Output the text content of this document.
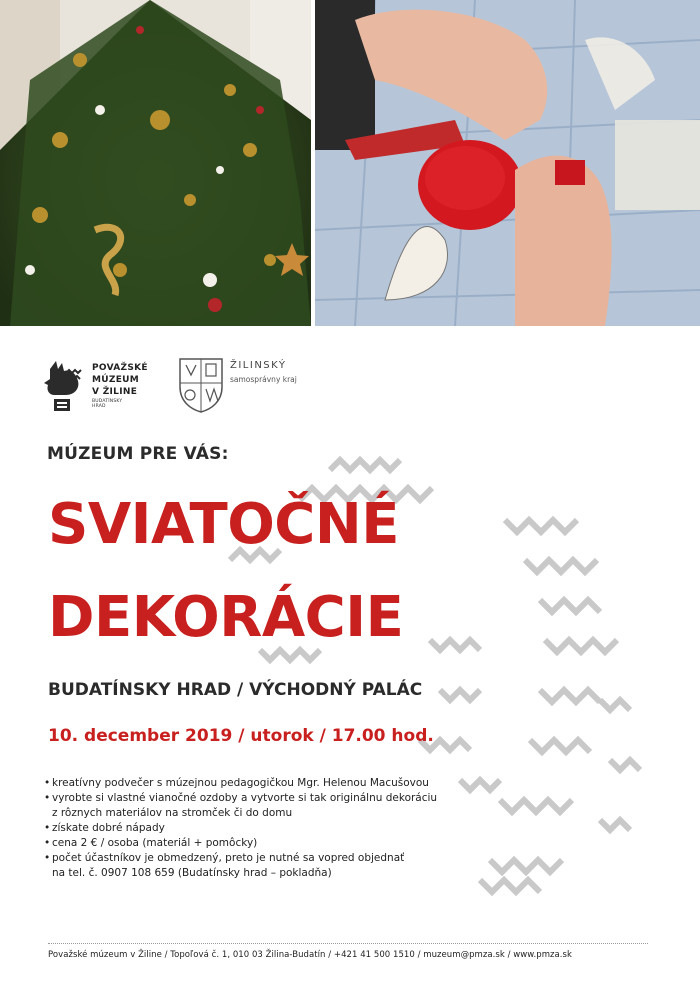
POVAŽSKÉ
MÚZEUM
V ŽILINE
BUDATÍNSKY
HRAD
ŽILINSKÝ
samosprávny kraj
MÚZEUM PRE VÁS:
SVIATOČNÉ
DEKORÁCIE
BUDATÍNSKY HRAD / VÝCHODNÝ PALÁC
10. december 2019 / utorok / 17.00 hod.
• kreatívny podvečer s múzejnou pedagogičkou Mgr. Helenou Macušovou
• vyrobte si vlastné vianočné ozdoby a vytvorte si tak originálnu dekoráciu
z rôznych materiálov na stromček či do domu
• získate dobré nápady
• cena 2 € / osoba (materiál + pomôcky)
• počet účastníkov je obmedzený, preto je nutné sa vopred objednať
na tel. č. 0907 108 659 (Budatínsky hrad – pokladňa)
Považské múzeum v Žiline / Topoľová č. 1, 010 03 Žilina-Budatín / +421 41 500 1510 / muzeum@pmza.sk / www.pmza.sk
